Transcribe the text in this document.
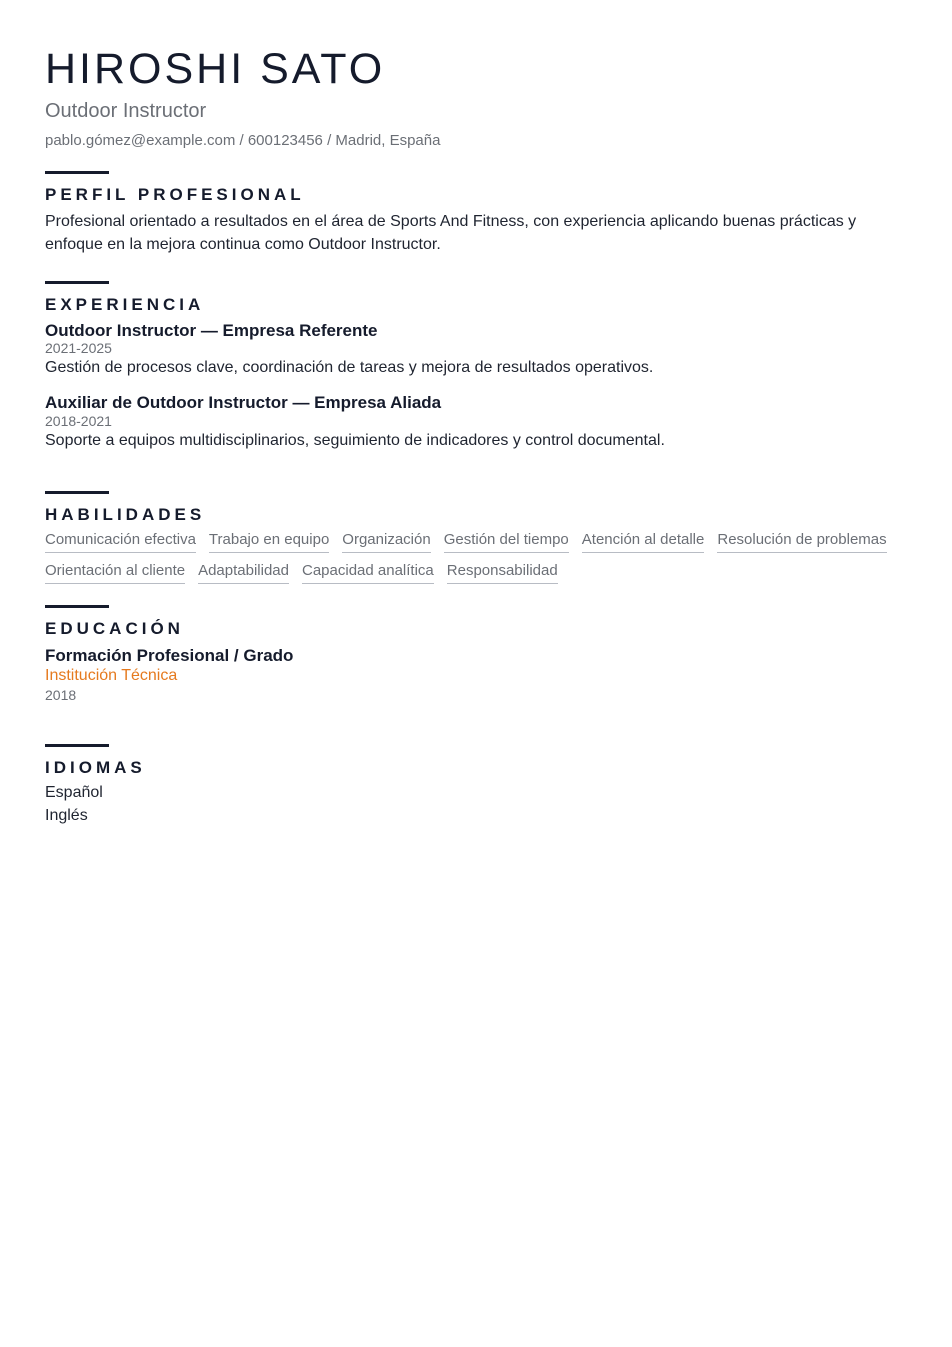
HIROSHI SATO
Outdoor Instructor
pablo.gómez@example.com / 600123456 / Madrid, España
PERFIL PROFESIONAL
Profesional orientado a resultados en el área de Sports And Fitness, con experiencia aplicando buenas prácticas y enfoque en la mejora continua como Outdoor Instructor.
EXPERIENCIA
Outdoor Instructor — Empresa Referente
2021-2025
Gestión de procesos clave, coordinación de tareas y mejora de resultados operativos.
Auxiliar de Outdoor Instructor — Empresa Aliada
2018-2021
Soporte a equipos multidisciplinarios, seguimiento de indicadores y control documental.
HABILIDADES
Comunicación efectiva Trabajo en equipo Organización Gestión del tiempo Atención al detalle Resolución de problemas
Orientación al cliente Adaptabilidad Capacidad analítica Responsabilidad
EDUCACIÓN
Formación Profesional / Grado
Institución Técnica
2018
IDIOMAS
Español
Inglés
